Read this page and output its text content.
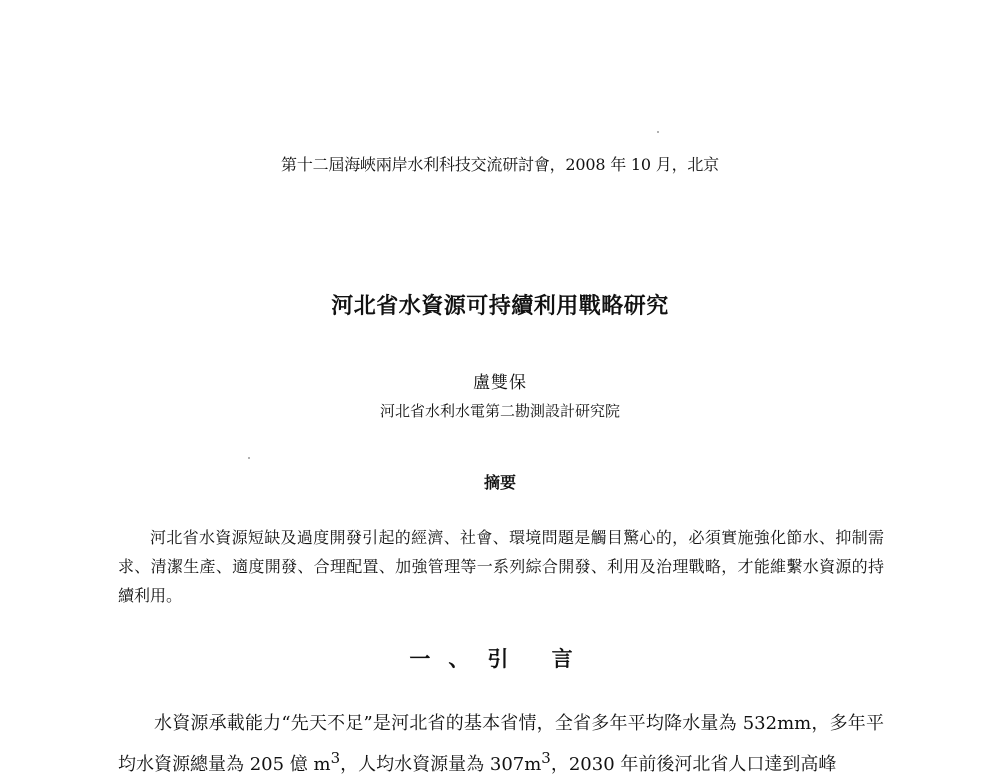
第十二屆海峽兩岸水利科技交流研討會，2008 年 10 月，北京
河北省水資源可持續利用戰略研究
盧雙保
河北省水利水電第二勘測設計研究院
摘要

河北省水資源短缺及過度開發引起的經濟、社會、環境問題是觸目驚心的，必須實施強化節水、抑制需求、清潔生產、適度開發、合理配置、加強管理等一系列綜合開發、利用及治理戰略，才能維繫水資源的持續利用。

一、引 言

水資源承載能力“先天不足”是河北省的基本省情，全省多年平均降水量為 532mm，多年平均水資源總量為 205 億 $m^3$，人均水資源量為 $307m^3$，2030 年前後河北省人口達到高峰
